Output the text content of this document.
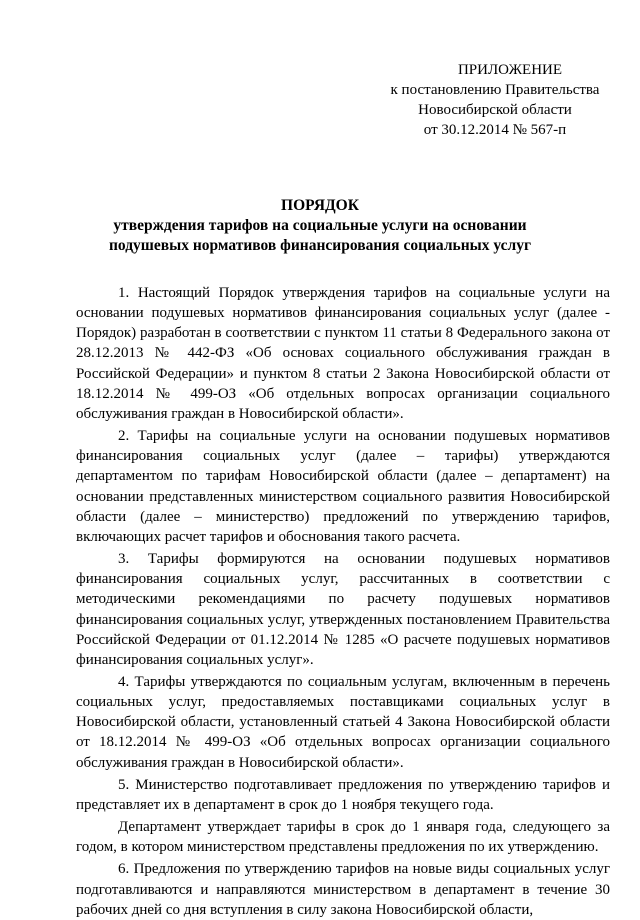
ПРИЛОЖЕНИЕ
к постановлению Правительства
Новосибирской области
от 30.12.2014 № 567-п
ПОРЯДОК
утверждения тарифов на социальные услуги на основании
подушевых нормативов финансирования социальных услуг

1. Настоящий Порядок утверждения тарифов на социальные услуги на основании подушевых нормативов финансирования социальных услуг (далее - Порядок) разработан в соответствии с пунктом 11 статьи 8 Федерального закона от 28.12.2013 № 442-ФЗ «Об основах социального обслуживания граждан в Российской Федерации» и пунктом 8 статьи 2 Закона Новосибирской области от 18.12.2014 № 499-ОЗ «Об отдельных вопросах организации социального обслуживания граждан в Новосибирской области».

2. Тарифы на социальные услуги на основании подушевых нормативов финансирования социальных услуг (далее – тарифы) утверждаются департаментом по тарифам Новосибирской области (далее – департамент) на основании представленных министерством социального развития Новосибирской области (далее – министерство) предложений по утверждению тарифов, включающих расчет тарифов и обоснования такого расчета.

3. Тарифы формируются на основании подушевых нормативов финансирования социальных услуг, рассчитанных в соответствии с методическими рекомендациями по расчету подушевых нормативов финансирования социальных услуг, утвержденных постановлением Правительства Российской Федерации от 01.12.2014 № 1285 «О расчете подушевых нормативов финансирования социальных услуг».

4. Тарифы утверждаются по социальным услугам, включенным в перечень социальных услуг, предоставляемых поставщиками социальных услуг в Новосибирской области, установленный статьей 4 Закона Новосибирской области от 18.12.2014 № 499-ОЗ «Об отдельных вопросах организации социального обслуживания граждан в Новосибирской области».

5. Министерство подготавливает предложения по утверждению тарифов и представляет их в департамент в срок до 1 ноября текущего года.

Департамент утверждает тарифы в срок до 1 января года, следующего за годом, в котором министерством представлены предложения по их утверждению.

6. Предложения по утверждению тарифов на новые виды социальных услуг подготавливаются и направляются министерством в департамент в течение 30 рабочих дней со дня вступления в силу закона Новосибирской области,
